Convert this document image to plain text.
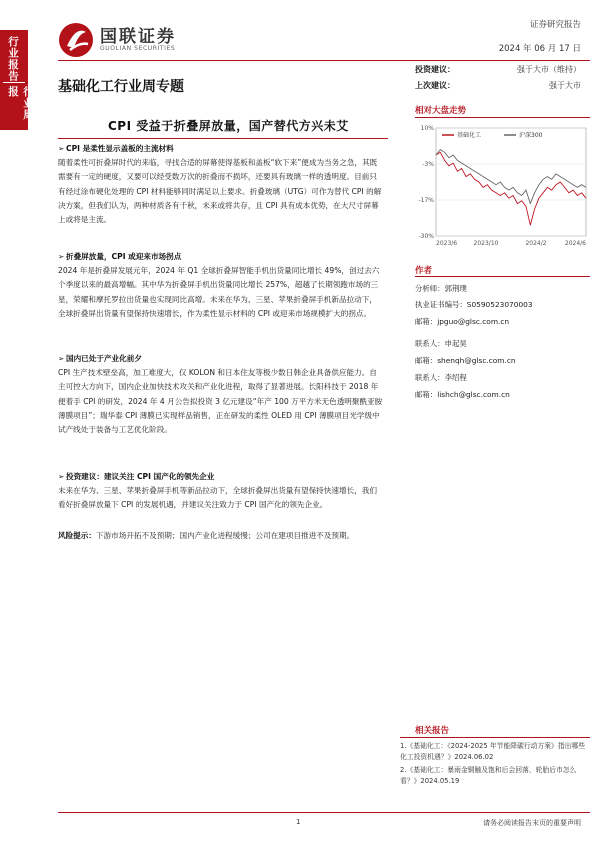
行业报告
行业周报
国联证券
GUOLIAN SECURITIES
证券研究报告
2024 年 06 月 17 日
基础化工行业周专题
CPI 受益于折叠屏放量，国产替代方兴未艾
投资建议：	强于大市（维持）
上次建议：	强于大市
相对大盘走势
10%
-3%
-17%
-30%
2023/6	2023/10	2024/2	2024/6
基础化工	沪深300
作者
分析师：郭荆璞
执业证书编号：S0590523070003
邮箱：jpguo@glsc.com.cn
联系人：申起昊
邮箱：shenqh@glsc.com.cn
联系人：李绍程
邮箱：lishch@glsc.com.cn
相关报告
1.《基础化工：《2024-2025 年节能降碳行动方案》指出哪些化工投资机遇？》2024.06.02
2.《基础化工：暴雨金铜触及饱和后会回落，轮胎后市怎么看？》2024.05.19
➢ CPI 是柔性显示盖板的主流材料

随着柔性可折叠屏时代的来临，寻找合适的屏幕使得基板和盖板“软下来”便成为当务之急，其既需要有一定的硬度，又要可以经受数万次的折叠而不损坏，还要具有玻璃一样的透明度。目前只有经过涂布硬化处理的 CPI 材料能够同时满足以上要求。折叠玻璃（UTG）可作为替代 CPI 的解决方案，但我们认为，两种材质各有千秋，未来或将共存，且 CPI 具有成本优势，在大尺寸屏幕上或将是主流。

➢ 折叠屏放量，CPI 或迎来市场拐点

2024 年是折叠屏发展元年，2024 年 Q1 全球折叠屏智能手机出货量同比增长 49%，创过去六个季度以来的最高增幅。其中华为折叠屏手机出货量同比增长 257%，超越了长期领跑市场的三星，荣耀和摩托罗拉出货量也实现同比高增。未来在华为、三星、苹果折叠屏手机新品拉动下，全球折叠屏出货量有望保持快速增长，作为柔性显示材料的 CPI 或迎来市场规模扩大的拐点。

➢ 国内已处于产业化前夕

CPI 生产技术壁垒高，加工难度大，仅 KOLON 和日本住友等极少数日韩企业具备供应能力。自主可控大方向下，国内企业加快技术攻关和产业化进程，取得了显著进展。长阳科技于 2018 年便着手 CPI 的研发，2024 年 4 月公告拟投资 3 亿元建设“年产 100 万平方米无色透明聚酰亚胺薄膜项目”；瑞华泰 CPI 薄膜已实现样品销售，正在研发的柔性 OLED 用 CPI 薄膜项目光学级中试产线处于装备与工艺优化阶段。

➢ 投资建议：建议关注 CPI 国产化的领先企业

未来在华为、三星、苹果折叠屏手机等新品拉动下，全球折叠屏出货量有望保持快速增长，我们看好折叠屏放量下 CPI 的发展机遇，并建议关注致力于 CPI 国产化的领先企业。

风险提示：下游市场开拓不及预期；国内产业化进程缓慢；公司在建项目推进不及预期。

1	请务必阅读报告末页的重要声明
